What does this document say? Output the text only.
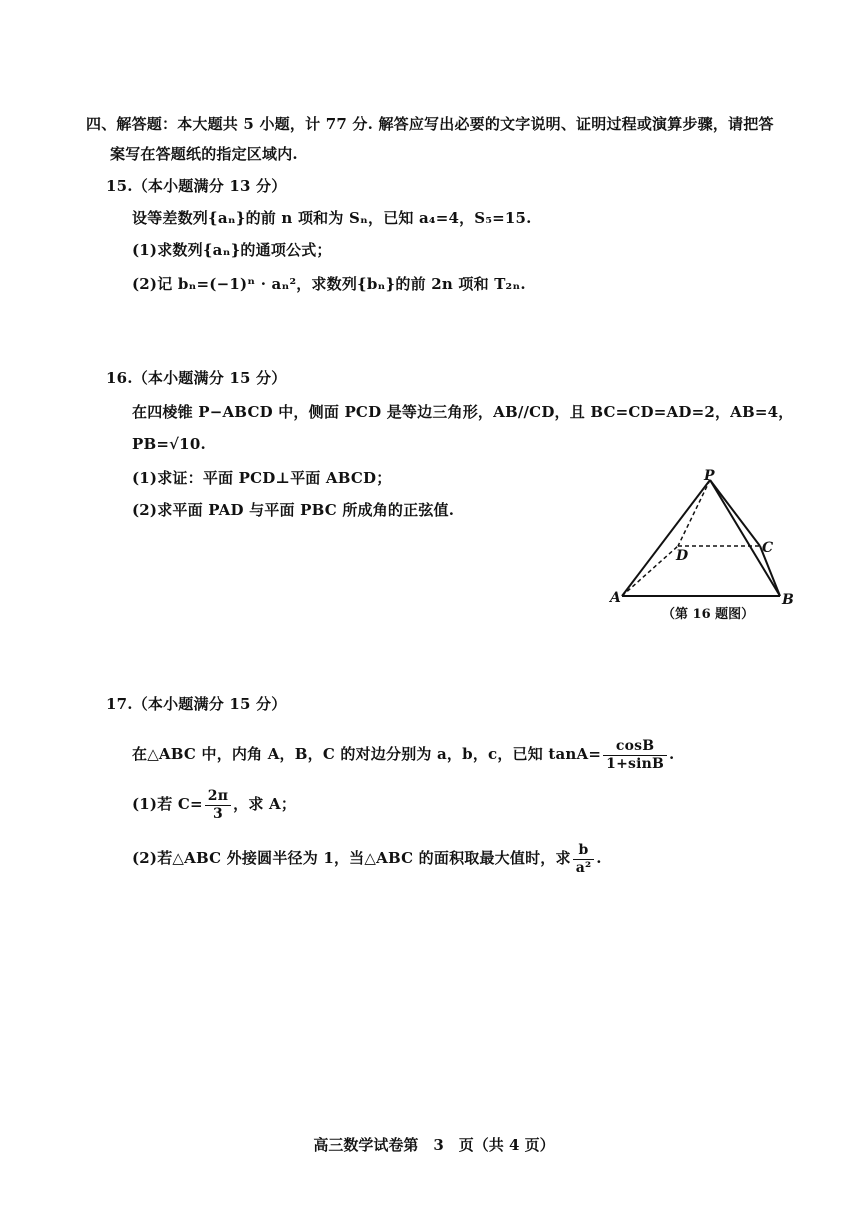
四、解答题：本大题共 5 小题，计 77 分. 解答应写出必要的文字说明、证明过程或演算步骤，请把答
案写在答题纸的指定区域内.
15.（本小题满分 13 分）
设等差数列{aₙ}的前 n 项和为 Sₙ，已知 a₄=4，S₅=15.
(1)求数列{aₙ}的通项公式；
(2)记 bₙ=(−1)ⁿ · aₙ²，求数列{bₙ}的前 2n 项和 T₂ₙ.
16.（本小题满分 15 分）
在四棱锥 P−ABCD 中，侧面 PCD 是等边三角形，AB//CD，且 BC=CD=AD=2，AB=4，
PB=√10.
(1)求证：平面 PCD⊥平面 ABCD；
(2)求平面 PAD 与平面 PBC 所成角的正弦值.
P
D	C
A	B
（第 16 题图）
17.（本小题满分 15 分）
在△ABC 中，内角 A，B，C 的对边分别为 a，b，c，已知 $\tan A= \frac{\cos B}{1+\sin B}$ .
(1)若 $C= \frac{2\pi}{3}$ ，求 A；
(2)若△ABC 外接圆半径为 1，当△ABC 的面积取最大值时，求 $\frac{b}{\text{a²}}$ .
高三数学试卷第　3　页（共 4 页）
